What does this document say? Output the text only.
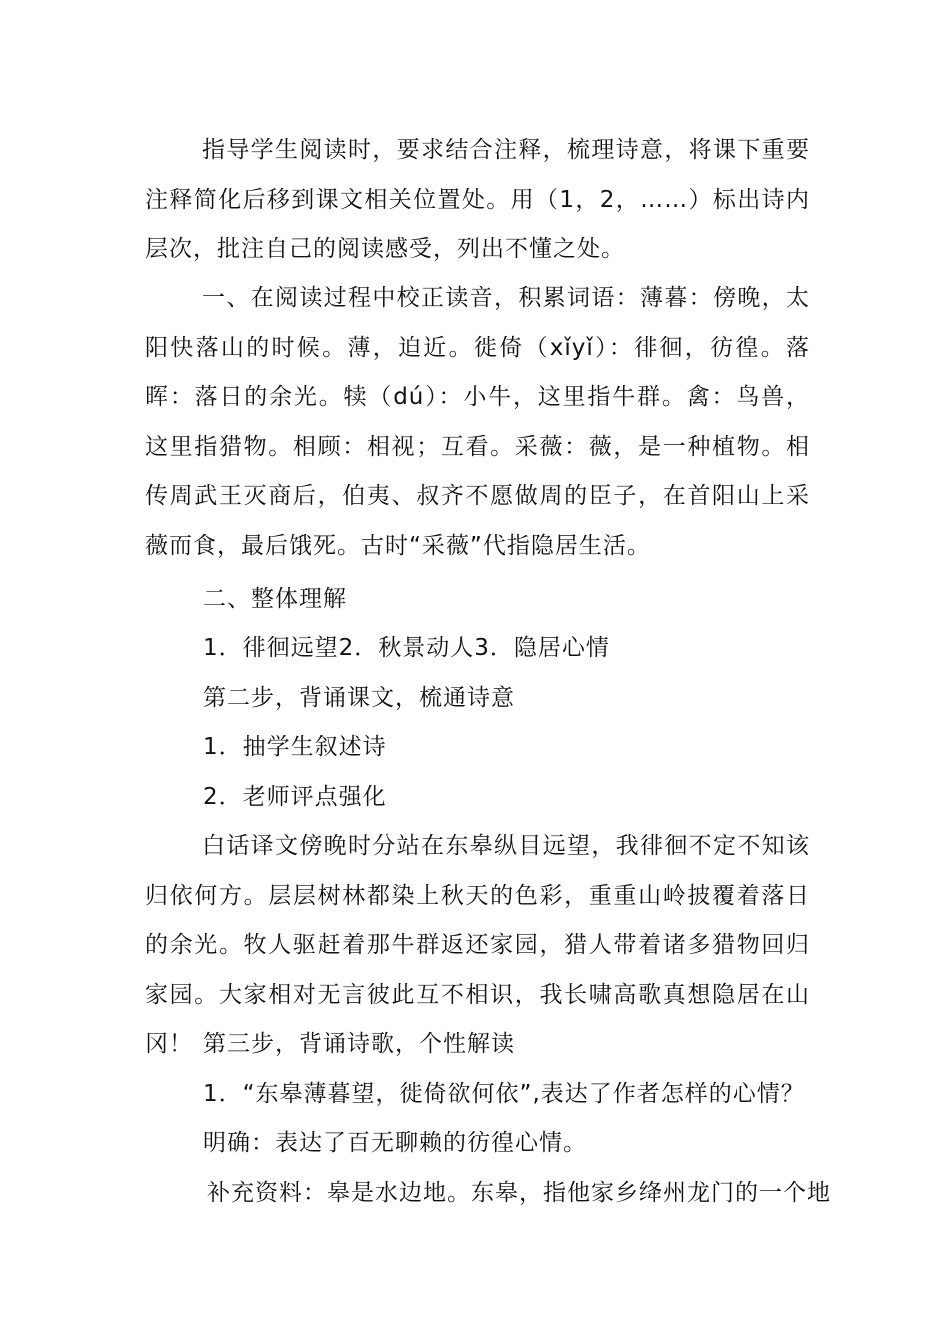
指导学生阅读时，要求结合注释，梳理诗意，将课下重要注释简化后移到课文相关位置处。用（1，2，……）标出诗内层次，批注自己的阅读感受，列出不懂之处。

一、在阅读过程中校正读音，积累词语：薄暮：傍晚，太阳快落山的时候。薄，迫近。徙倚（xǐyǐ）：徘徊，彷徨。落晖：落日的余光。犊（dú）：小牛，这里指牛群。禽：鸟兽，这里指猎物。相顾：相视；互看。采薇：薇，是一种植物。相传周武王灭商后，伯夷、叔齐不愿做周的臣子，在首阳山上采薇而食，最后饿死。古时“采薇”代指隐居生活。

二、整体理解

1．徘徊远望2．秋景动人3．隐居心情

第二步，背诵课文，梳通诗意

1．抽学生叙述诗

2．老师评点强化

白话译文傍晚时分站在东皋纵目远望，我徘徊不定不知该归依何方。层层树林都染上秋天的色彩，重重山岭披覆着落日的余光。牧人驱赶着那牛群返还家园，猎人带着诸多猎物回归家园。大家相对无言彼此互不相识，我长啸高歌真想隐居在山冈！ 第三步，背诵诗歌，个性解读

1．“东皋薄暮望，徙倚欲何依”,表达了作者怎样的心情？

明确：表达了百无聊赖的彷徨心情。

补充资料：皋是水边地。东皋，指他家乡绛州龙门的一个地
